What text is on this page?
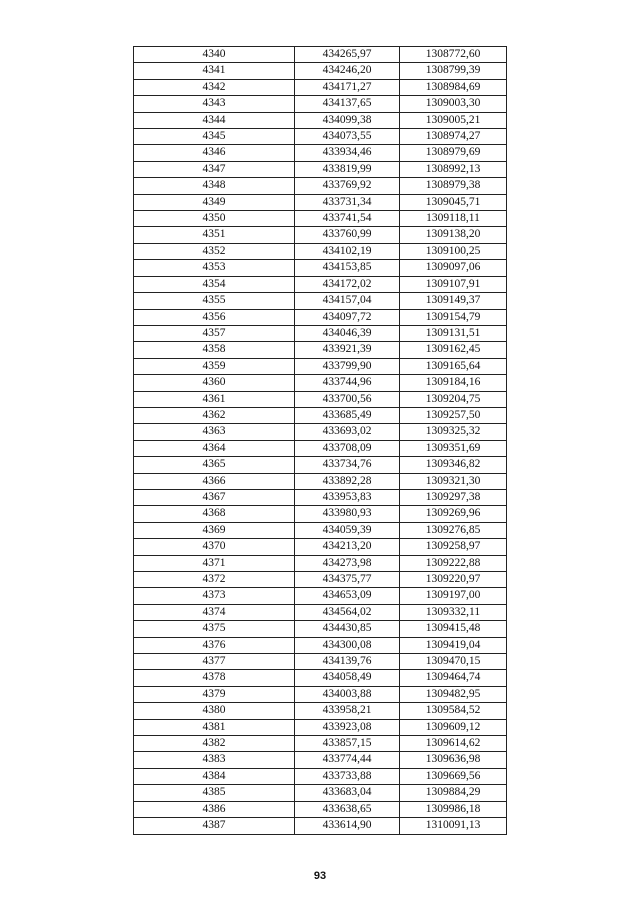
4340	434265,97	1308772,60
4341	434246,20	1308799,39
4342	434171,27	1308984,69
4343	434137,65	1309003,30
4344	434099,38	1309005,21
4345	434073,55	1308974,27
4346	433934,46	1308979,69
4347	433819,99	1308992,13
4348	433769,92	1308979,38
4349	433731,34	1309045,71
4350	433741,54	1309118,11
4351	433760,99	1309138,20
4352	434102,19	1309100,25
4353	434153,85	1309097,06
4354	434172,02	1309107,91
4355	434157,04	1309149,37
4356	434097,72	1309154,79
4357	434046,39	1309131,51
4358	433921,39	1309162,45
4359	433799,90	1309165,64
4360	433744,96	1309184,16
4361	433700,56	1309204,75
4362	433685,49	1309257,50
4363	433693,02	1309325,32
4364	433708,09	1309351,69
4365	433734,76	1309346,82
4366	433892,28	1309321,30
4367	433953,83	1309297,38
4368	433980,93	1309269,96
4369	434059,39	1309276,85
4370	434213,20	1309258,97
4371	434273,98	1309222,88
4372	434375,77	1309220,97
4373	434653,09	1309197,00
4374	434564,02	1309332,11
4375	434430,85	1309415,48
4376	434300,08	1309419,04
4377	434139,76	1309470,15
4378	434058,49	1309464,74
4379	434003,88	1309482,95
4380	433958,21	1309584,52
4381	433923,08	1309609,12
4382	433857,15	1309614,62
4383	433774,44	1309636,98
4384	433733,88	1309669,56
4385	433683,04	1309884,29
4386	433638,65	1309986,18
4387	433614,90	1310091,13
93
